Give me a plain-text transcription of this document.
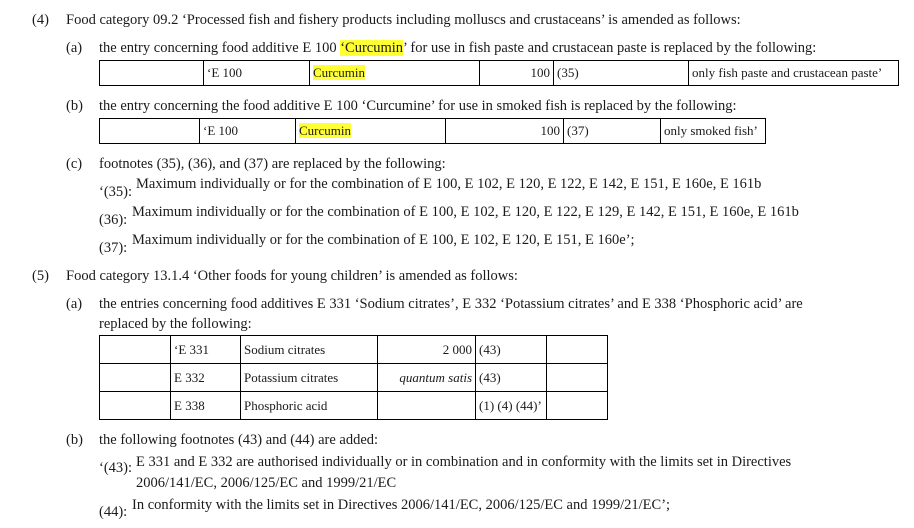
(4) Food category 09.2 ‘Processed fish and fishery products including molluscs and crustaceans’ is amended as follows:
(a) the entry concerning food additive E 100 ‘Curcumin’ for use in fish paste and crustacean paste is replaced by the following:
	‘E 100	Curcumin	100	(35)	only fish paste and crustacean paste’
(b) the entry concerning the food additive E 100 ‘Curcumine’ for use in smoked fish is replaced by the following:
	‘E 100	Curcumin	100	(37)	only smoked fish’
(c) footnotes (35), (36), and (37) are replaced by the following:
‘(35): Maximum individually or for the combination of E 100, E 102, E 120, E 122, E 142, E 151, E 160e, E 161b
(36): Maximum individually or for the combination of E 100, E 102, E 120, E 122, E 129, E 142, E 151, E 160e, E 161b
(37): Maximum individually or for the combination of E 100, E 102, E 120, E 151, E 160e’;
(5) Food category 13.1.4 ‘Other foods for young children’ is amended as follows:
(a) the entries concerning food additives E 331 ‘Sodium citrates’, E 332 ‘Potassium citrates’ and E 338 ‘Phosphoric acid’ are
replaced by the following:
	‘E 331	Sodium citrates	2 000	(43)	
	E 332	Potassium citrates	quantum satis	(43)	
	E 338	Phosphoric acid		(1) (4) (44)’	
(b) the following footnotes (43) and (44) are added:
‘(43): E 331 and E 332 are authorised individually or in combination and in conformity with the limits set in Directives
2006/141/EC, 2006/125/EC and 1999/21/EC
(44): In conformity with the limits set in Directives 2006/141/EC, 2006/125/EC and 1999/21/EC’;
